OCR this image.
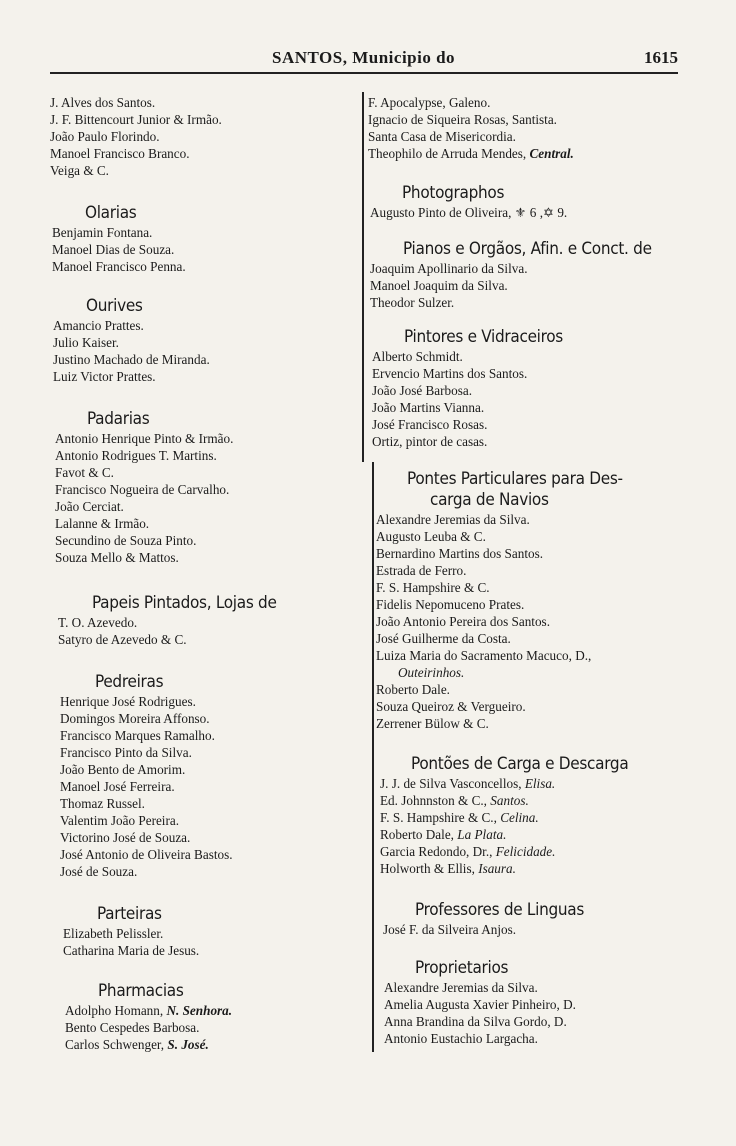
SANTOS, Municipio do	1615
J. Alves dos Santos.
J. F. Bittencourt Junior & Irmão.
João Paulo Florindo.
Manoel Francisco Branco.
Veiga & C.
Olarias
Benjamin Fontana.
Manoel Dias de Souza.
Manoel Francisco Penna.
Ourives
Amancio Prattes.
Julio Kaiser.
Justino Machado de Miranda.
Luiz Victor Prattes.
Padarias
Antonio Henrique Pinto & Irmão.
Antonio Rodrigues T. Martins.
Favot & C.
Francisco Nogueira de Carvalho.
João Cerciat.
Lalanne & Irmão.
Secundino de Souza Pinto.
Souza Mello & Mattos.
Papeis Pintados, Lojas de
T. O. Azevedo.
Satyro de Azevedo & C.
Pedreiras
Henrique José Rodrigues.
Domingos Moreira Affonso.
Francisco Marques Ramalho.
Francisco Pinto da Silva.
João Bento de Amorim.
Manoel José Ferreira.
Thomaz Russel.
Valentim João Pereira.
Victorino José de Souza.
José Antonio de Oliveira Bastos.
José de Souza.
Parteiras
Elizabeth Pelissler.
Catharina Maria de Jesus.
Pharmacias
Adolpho Homann, N. Senhora.
Bento Cespedes Barbosa.
Carlos Schwenger, S. José.
F. Apocalypse, Galeno.
Ignacio de Siqueira Rosas, Santista.
Santa Casa de Misericordia.
Theophilo de Arruda Mendes, Central.
Photographos
Augusto Pinto de Oliveira, ⚜ 6 ,✡ 9.
Pianos e Orgãos, Afin. e Conct. de
Joaquim Apollinario da Silva.
Manoel Joaquim da Silva.
Theodor Sulzer.
Pintores e Vidraceiros
Alberto Schmidt.
Ervencio Martins dos Santos.
João José Barbosa.
João Martins Vianna.
José Francisco Rosas.
Ortiz, pintor de casas.
Pontes Particulares para Des-
carga de Navios
Alexandre Jeremias da Silva.
Augusto Leuba & C.
Bernardino Martins dos Santos.
Estrada de Ferro.
F. S. Hampshire & C.
Fidelis Nepomuceno Prates.
João Antonio Pereira dos Santos.
José Guilherme da Costa.
Luiza Maria do Sacramento Macuco, D.,
Outeirinhos.
Roberto Dale.
Souza Queiroz & Vergueiro.
Zerrener Bülow & C.
Pontões de Carga e Descarga
J. J. de Silva Vasconcellos, Elisa.
Ed. Johnnston & C., Santos.
F. S. Hampshire & C., Celina.
Roberto Dale, La Plata.
Garcia Redondo, Dr., Felicidade.
Holworth & Ellis, Isaura.
Professores de Linguas
José F. da Silveira Anjos.
Proprietarios
Alexandre Jeremias da Silva.
Amelia Augusta Xavier Pinheiro, D.
Anna Brandina da Silva Gordo, D.
Antonio Eustachio Largacha.
